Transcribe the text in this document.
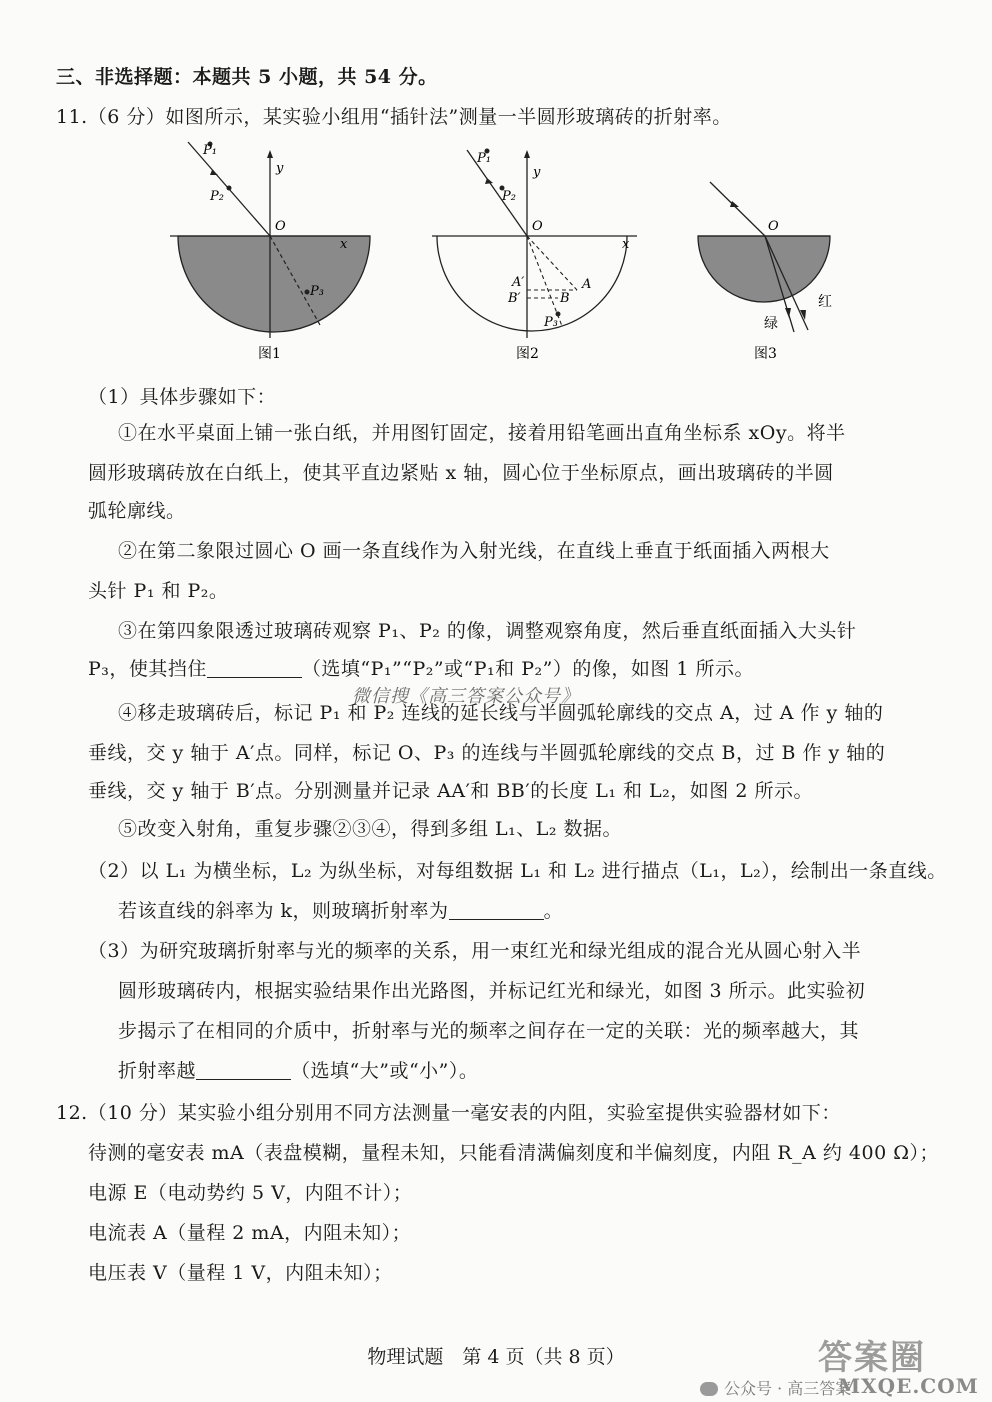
三、非选择题：本题共 5 小题，共 54 分。
11.（6 分）如图所示，某实验小组用“插针法”测量一半圆形玻璃砖的折射率。
P₁
P₂
P₃
O
y
x
图1
P₁
P₂
P₃
O
y
x
A
A′
B
B′
图2
O
红
绿
图3
（1）具体步骤如下：
①在水平桌面上铺一张白纸，并用图钉固定，接着用铅笔画出直角坐标系 xOy。将半
圆形玻璃砖放在白纸上，使其平直边紧贴 x 轴，圆心位于坐标原点，画出玻璃砖的半圆
弧轮廓线。
②在第二象限过圆心 O 画一条直线作为入射光线，在直线上垂直于纸面插入两根大
头针 P₁ 和 P₂。
③在第四象限透过玻璃砖观察 P₁、P₂ 的像，调整观察角度，然后垂直纸面插入大头针
P₃，使其挡住	（选填“P₁”“P₂”或“P₁和 P₂”）的像，如图 1 所示。
微信搜《高三答案公众号》
④移走玻璃砖后，标记 P₁ 和 P₂ 连线的延长线与半圆弧轮廓线的交点 A，过 A 作 y 轴的
垂线，交 y 轴于 A′点。同样，标记 O、P₃ 的连线与半圆弧轮廓线的交点 B，过 B 作 y 轴的
垂线，交 y 轴于 B′点。分别测量并记录 AA′和 BB′的长度 L₁ 和 L₂，如图 2 所示。
⑤改变入射角，重复步骤②③④，得到多组 L₁、L₂ 数据。
（2）以 L₁ 为横坐标，L₂ 为纵坐标，对每组数据 L₁ 和 L₂ 进行描点（L₁，L₂），绘制出一条直线。
若该直线的斜率为 k，则玻璃折射率为	。
（3）为研究玻璃折射率与光的频率的关系，用一束红光和绿光组成的混合光从圆心射入半
圆形玻璃砖内，根据实验结果作出光路图，并标记红光和绿光，如图 3 所示。此实验初
步揭示了在相同的介质中，折射率与光的频率之间存在一定的关联：光的频率越大，其
折射率越	（选填“大”或“小”）。
12.（10 分）某实验小组分别用不同方法测量一毫安表的内阻，实验室提供实验器材如下：
待测的毫安表 mA（表盘模糊，量程未知，只能看清满偏刻度和半偏刻度，内阻 R_A 约 400 Ω）；
电源 E（电动势约 5 V，内阻不计）；
电流表 A（量程 2 mA，内阻未知）；
电压表 V（量程 1 V，内阻未知）；
物理试题　第 4 页（共 8 页）
公众号 · 高三答案
答案圈
MXQE.COM
